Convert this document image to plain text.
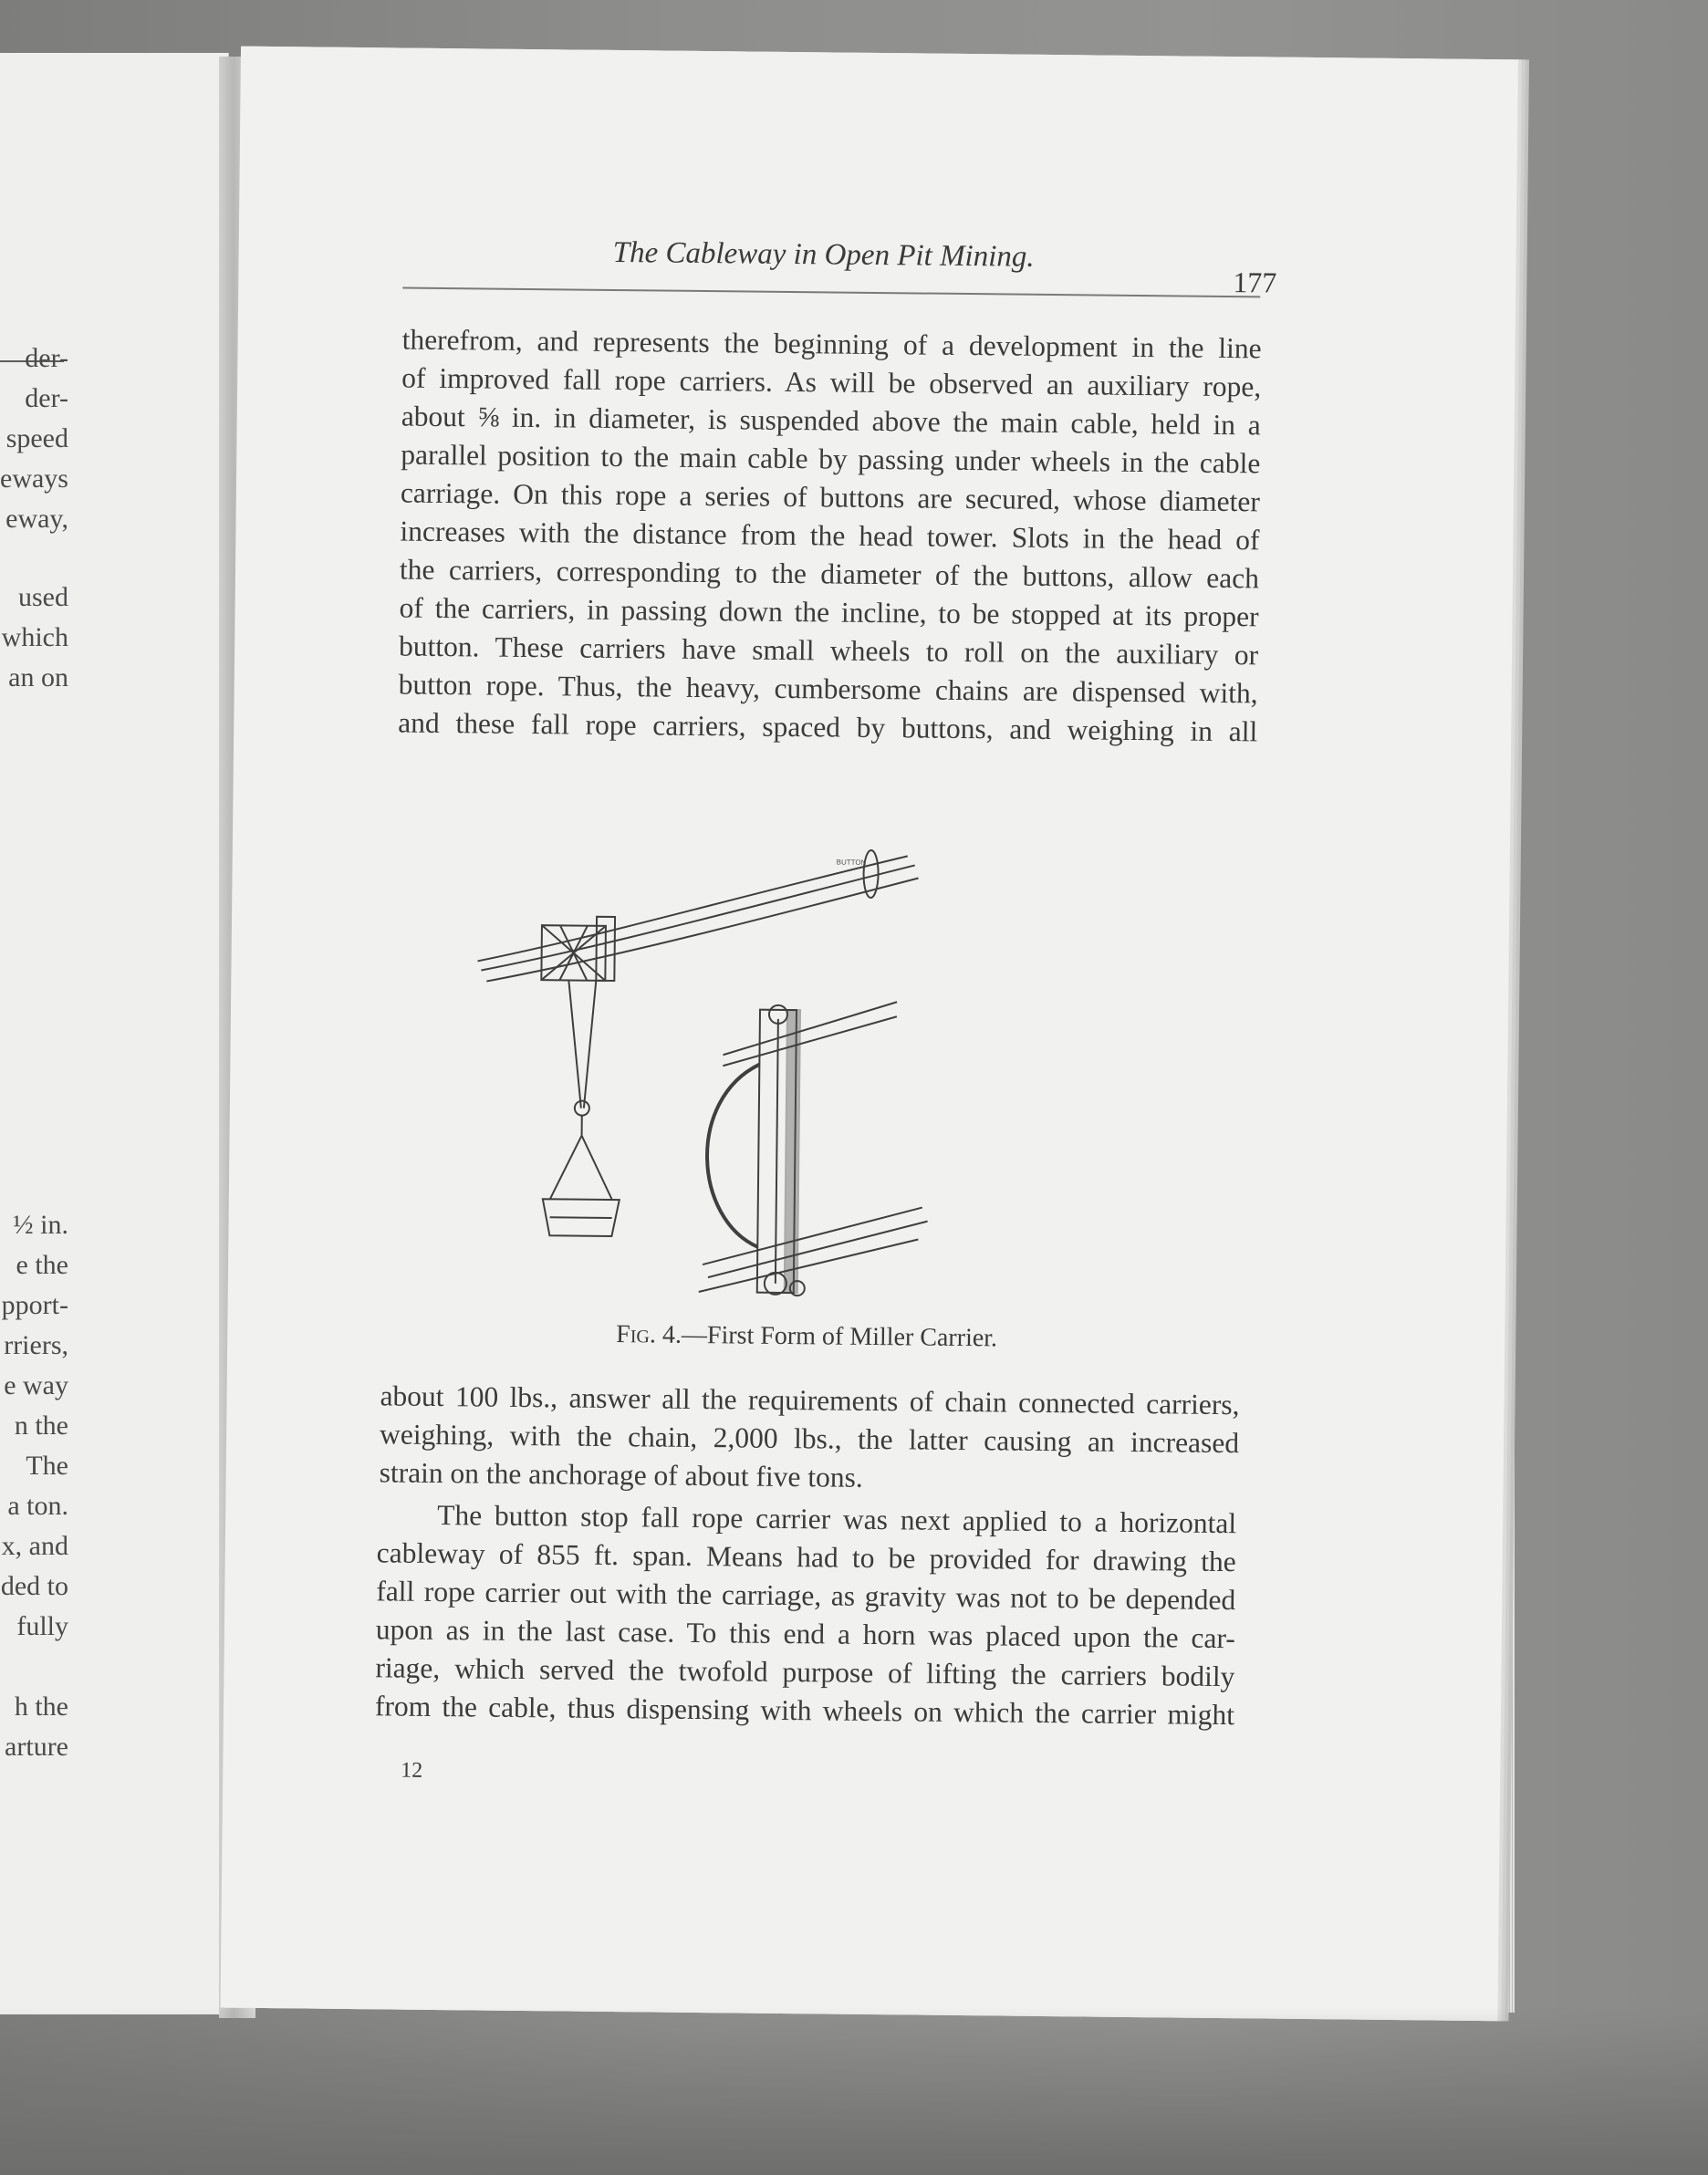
der-
der-
speed
eways
eway,
used
which
an on
½ in.
e the
pport-
rriers,
e way
n the
The
a ton.
x, and
ded to
fully
h the
arture
The Cableway in Open Pit Mining.
177
therefrom, and represents the beginning of a development in the line
of improved fall rope carriers. As will be observed an auxiliary rope,
about ⅝ in. in diameter, is suspended above the main cable, held in a
parallel position to the main cable by passing under wheels in the cable
carriage. On this rope a series of buttons are secured, whose diameter
increases with the distance from the head tower. Slots in the head of
the carriers, corresponding to the diameter of the buttons, allow each
of the carriers, in passing down the incline, to be stopped at its proper
button. These carriers have small wheels to roll on the auxiliary or
button rope. Thus, the heavy, cumbersome chains are dispensed with,
and these fall rope carriers, spaced by buttons, and weighing in all
BUTTON
Fig. 4.—First Form of Miller Carrier.
about 100 lbs., answer all the requirements of chain connected carriers,
weighing, with the chain, 2,000 lbs., the latter causing an increased
strain on the anchorage of about five tons.
The button stop fall rope carrier was next applied to a horizontal
cableway of 855 ft. span. Means had to be provided for drawing the
fall rope carrier out with the carriage, as gravity was not to be depended
upon as in the last case. To this end a horn was placed upon the car-
riage, which served the twofold purpose of lifting the carriers bodily
from the cable, thus dispensing with wheels on which the carrier might
12
